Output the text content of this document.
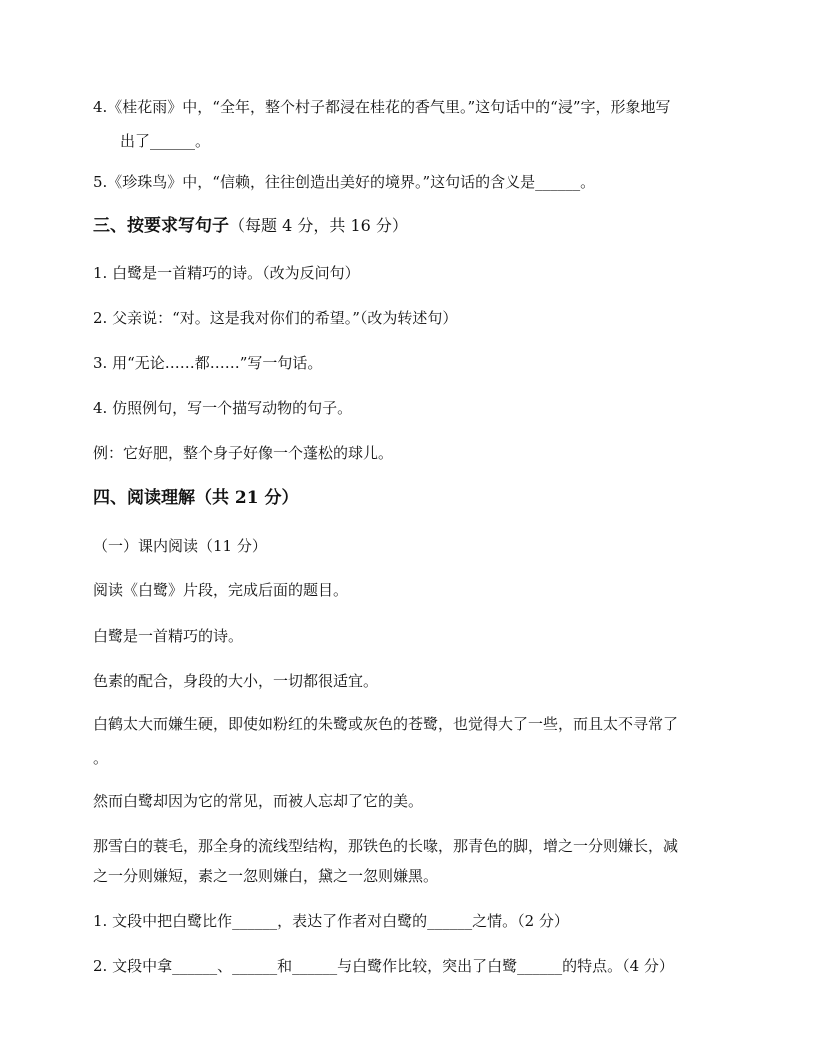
4.《桂花雨》中，“全年，整个村子都浸在桂花的香气里。”这句话中的“浸”字，形象地写
出了______。
5.《珍珠鸟》中，“信赖，往往创造出美好的境界。”这句话的含义是______。
三、按要求写句子（每题 4 分，共 16 分）
1. 白鹭是一首精巧的诗。（改为反问句）
2. 父亲说：“对。这是我对你们的希望。”（改为转述句）
3. 用“无论……都……”写一句话。
4. 仿照例句，写一个描写动物的句子。
例：它好肥，整个身子好像一个蓬松的球儿。
四、阅读理解（共 21 分）
（一）课内阅读（11 分）
阅读《白鹭》片段，完成后面的题目。
白鹭是一首精巧的诗。
色素的配合，身段的大小，一切都很适宜。
白鹤太大而嫌生硬，即使如粉红的朱鹭或灰色的苍鹭，也觉得大了一些，而且太不寻常了
。
然而白鹭却因为它的常见，而被人忘却了它的美。
那雪白的蓑毛，那全身的流线型结构，那铁色的长喙，那青色的脚，增之一分则嫌长，减
之一分则嫌短，素之一忽则嫌白，黛之一忽则嫌黑。
1. 文段中把白鹭比作______，表达了作者对白鹭的______之情。（2 分）
2. 文段中拿______、______和______与白鹭作比较，突出了白鹭______的特点。（4 分）
